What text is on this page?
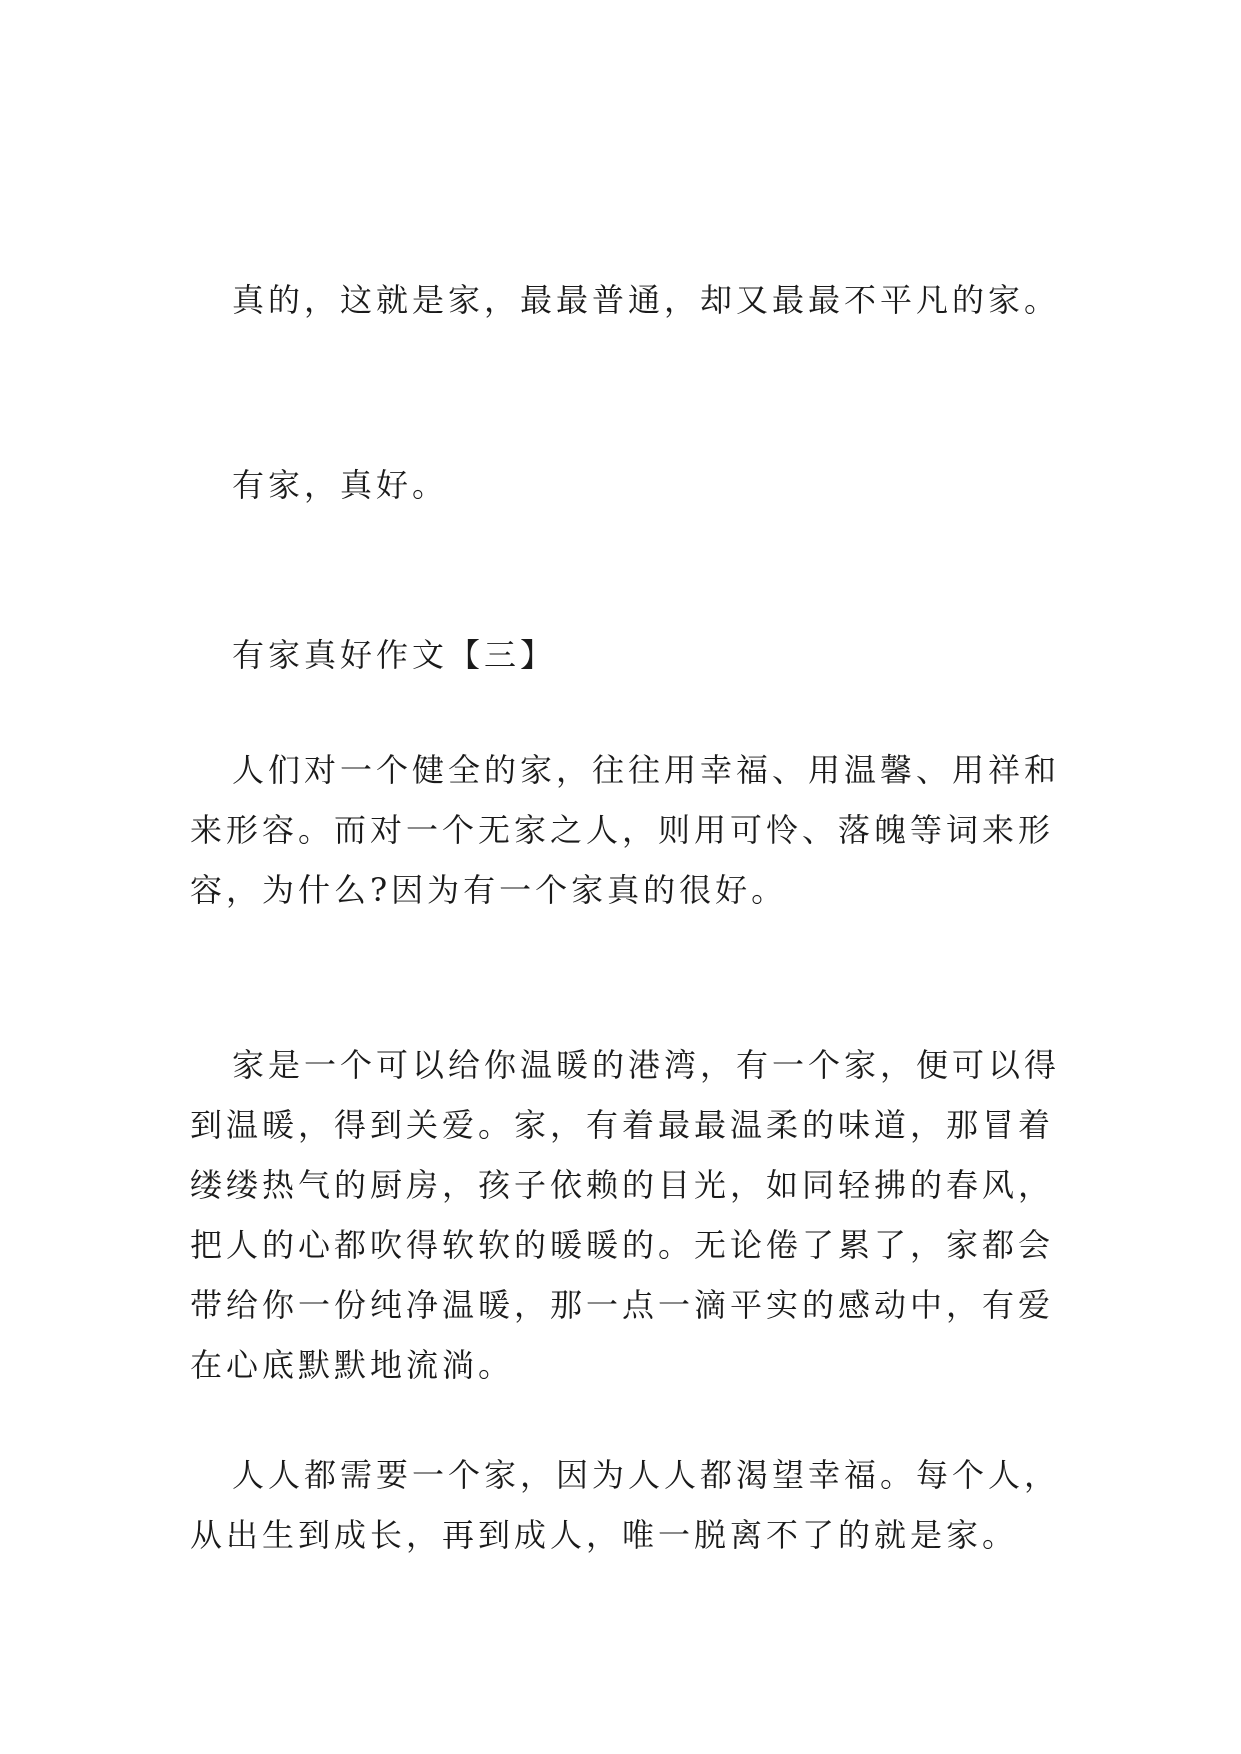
真的，这就是家，最最普通，却又最最不平凡的家。

有家，真好。

有家真好作文【三】

人们对一个健全的家，往往用幸福、用温馨、用祥和来形容。而对一个无家之人，则用可怜、落魄等词来形容，为什么?因为有一个家真的很好。

家是一个可以给你温暖的港湾，有一个家，便可以得到温暖，得到关爱。家，有着最最温柔的味道，那冒着缕缕热气的厨房，孩子依赖的目光，如同轻拂的春风，把人的心都吹得软软的暖暖的。无论倦了累了，家都会带给你一份纯净温暖，那一点一滴平实的感动中，有爱在心底默默地流淌。

人人都需要一个家，因为人人都渴望幸福。每个人，从出生到成长，再到成人，唯一脱离不了的就是家。
